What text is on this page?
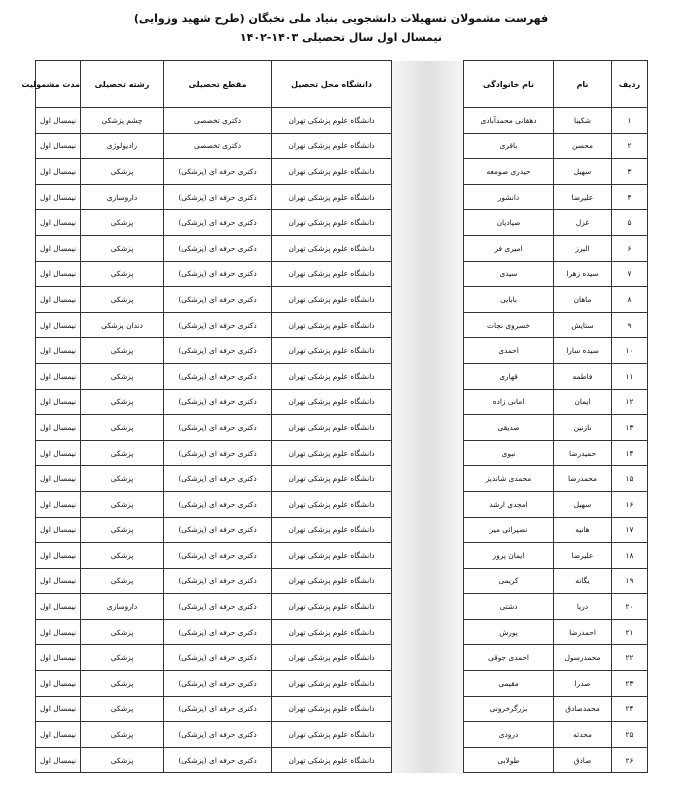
فهرست مشمولان تسهیلات دانشجویی بنیاد ملی نخبگان (طرح شهید وزوایی)
نیمسال اول سال تحصیلی ۱۴۰۳-۱۴۰۲
ردیف	نام	نام خانوادگی		دانشگاه محل تحصیل	مقطع تحصیلی	رشته تحصیلی	مدت مشمولیت
۱	شکیبا	دهقانی محمدآبادی		دانشگاه علوم پزشکی تهران	دکتری تخصصی	چشم پزشکی	نیمسال اول
۲	محسن	باقری		دانشگاه علوم پزشکی تهران	دکتری تخصصی	رادیولوژی	نیمسال اول
۳	سهیل	حیدری صومعه		دانشگاه علوم پزشکی تهران	دکتری حرفه ای (پزشکی)	پزشکی	نیمسال اول
۴	علیرضا	دانشور		دانشگاه علوم پزشکی تهران	دکتری حرفه ای (پزشکی)	داروسازی	نیمسال اول
۵	غزل	صیادیان		دانشگاه علوم پزشکی تهران	دکتری حرفه ای (پزشکی)	پزشکی	نیمسال اول
۶	البرز	امیری فر		دانشگاه علوم پزشکی تهران	دکتری حرفه ای (پزشکی)	پزشکی	نیمسال اول
۷	سیده زهرا	سیدی		دانشگاه علوم پزشکی تهران	دکتری حرفه ای (پزشکی)	پزشکی	نیمسال اول
۸	ماهان	بابایی		دانشگاه علوم پزشکی تهران	دکتری حرفه ای (پزشکی)	پزشکی	نیمسال اول
۹	ستایش	خسروی نجات		دانشگاه علوم پزشکی تهران	دکتری حرفه ای (پزشکی)	دندان پزشکی	نیمسال اول
۱۰	سیده سارا	احمدی		دانشگاه علوم پزشکی تهران	دکتری حرفه ای (پزشکی)	پزشکی	نیمسال اول
۱۱	فاطمه	قهاری		دانشگاه علوم پزشکی تهران	دکتری حرفه ای (پزشکی)	پزشکی	نیمسال اول
۱۲	ایمان	امانی زاده		دانشگاه علوم پزشکی تهران	دکتری حرفه ای (پزشکی)	پزشکی	نیمسال اول
۱۳	نازنین	صدیقی		دانشگاه علوم پزشکی تهران	دکتری حرفه ای (پزشکی)	پزشکی	نیمسال اول
۱۴	حمیدرضا	نبوی		دانشگاه علوم پزشکی تهران	دکتری حرفه ای (پزشکی)	پزشکی	نیمسال اول
۱۵	محمدرضا	محمدی شاندیز		دانشگاه علوم پزشکی تهران	دکتری حرفه ای (پزشکی)	پزشکی	نیمسال اول
۱۶	سهیل	امجدی ارشد		دانشگاه علوم پزشکی تهران	دکتری حرفه ای (پزشکی)	پزشکی	نیمسال اول
۱۷	هانیه	نصیرائی میر		دانشگاه علوم پزشکی تهران	دکتری حرفه ای (پزشکی)	پزشکی	نیمسال اول
۱۸	علیرضا	ایمان پرور		دانشگاه علوم پزشکی تهران	دکتری حرفه ای (پزشکی)	پزشکی	نیمسال اول
۱۹	یگانه	کریمی		دانشگاه علوم پزشکی تهران	دکتری حرفه ای (پزشکی)	پزشکی	نیمسال اول
۲۰	دریا	دشتی		دانشگاه علوم پزشکی تهران	دکتری حرفه ای (پزشکی)	داروسازی	نیمسال اول
۲۱	احمدرضا	پورش		دانشگاه علوم پزشکی تهران	دکتری حرفه ای (پزشکی)	پزشکی	نیمسال اول
۲۲	محمدرسول	احمدی جوقی		دانشگاه علوم پزشکی تهران	دکتری حرفه ای (پزشکی)	پزشکی	نیمسال اول
۲۳	صدرا	مقیمی		دانشگاه علوم پزشکی تهران	دکتری حرفه ای (پزشکی)	پزشکی	نیمسال اول
۲۴	محمدصادق	بزرگرخرونی		دانشگاه علوم پزشکی تهران	دکتری حرفه ای (پزشکی)	پزشکی	نیمسال اول
۲۵	محدثه	درودی		دانشگاه علوم پزشکی تهران	دکتری حرفه ای (پزشکی)	پزشکی	نیمسال اول
۲۶	صادق	طولابی		دانشگاه علوم پزشکی تهران	دکتری حرفه ای (پزشکی)	پزشکی	نیمسال اول
